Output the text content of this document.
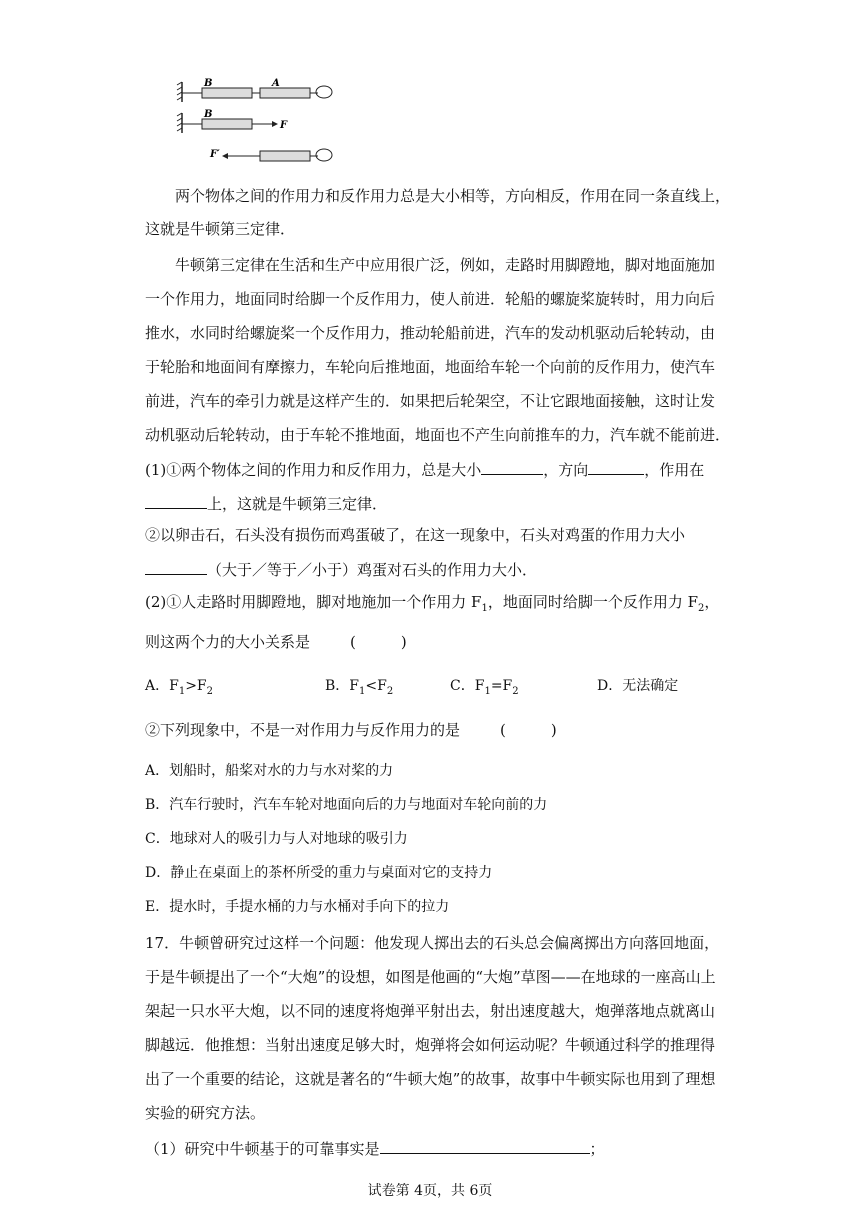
B	A
B
F
F′
两个物体之间的作用力和反作用力总是大小相等，方向相反，作用在同一条直线上，
这就是牛顿第三定律．
牛顿第三定律在生活和生产中应用很广泛，例如，走路时用脚蹬地，脚对地面施加
一个作用力，地面同时给脚一个反作用力，使人前进．轮船的螺旋桨旋转时，用力向后
推水，水同时给螺旋桨一个反作用力，推动轮船前进，汽车的发动机驱动后轮转动，由
于轮胎和地面间有摩擦力，车轮向后推地面，地面给车轮一个向前的反作用力，使汽车
前进，汽车的牵引力就是这样产生的．如果把后轮架空，不让它跟地面接触，这时让发
动机驱动后轮转动，由于车轮不推地面，地面也不产生向前推车的力，汽车就不能前进．
(1)①两个物体之间的作用力和反作用力，总是大小	，方向	，作用在
上，这就是牛顿第三定律．
②以卵击石，石头没有损伤而鸡蛋破了，在这一现象中，石头对鸡蛋的作用力大小
（大于／等于／小于）鸡蛋对石头的作用力大小．
(2)①人走路时用脚蹬地，脚对地施加一个作用力 $F_1$，地面同时给脚一个反作用力 $F_2$，
则这两个力的大小关系是	(　　　)
A．$F_1>F_2$	B．$F_1<F_2$	C．$F_1=F_2$	D．无法确定
②下列现象中，不是一对作用力与反作用力的是	(　　　)
A．划船时，船桨对水的力与水对桨的力
B．汽车行驶时，汽车车轮对地面向后的力与地面对车轮向前的力
C．地球对人的吸引力与人对地球的吸引力
D．静止在桌面上的茶杯所受的重力与桌面对它的支持力
E．提水时，手提水桶的力与水桶对手向下的拉力
17．牛顿曾研究过这样一个问题：他发现人掷出去的石头总会偏离掷出方向落回地面，
于是牛顿提出了一个“大炮”的设想，如图是他画的“大炮”草图——在地球的一座高山上
架起一只水平大炮，以不同的速度将炮弹平射出去，射出速度越大，炮弹落地点就离山
脚越远．他推想：当射出速度足够大时，炮弹将会如何运动呢？牛顿通过科学的推理得
出了一个重要的结论，这就是著名的“牛顿大炮”的故事，故事中牛顿实际也用到了理想
实验的研究方法。
（1）研究中牛顿基于的可靠事实是	；
试卷第 4页，共 6页
